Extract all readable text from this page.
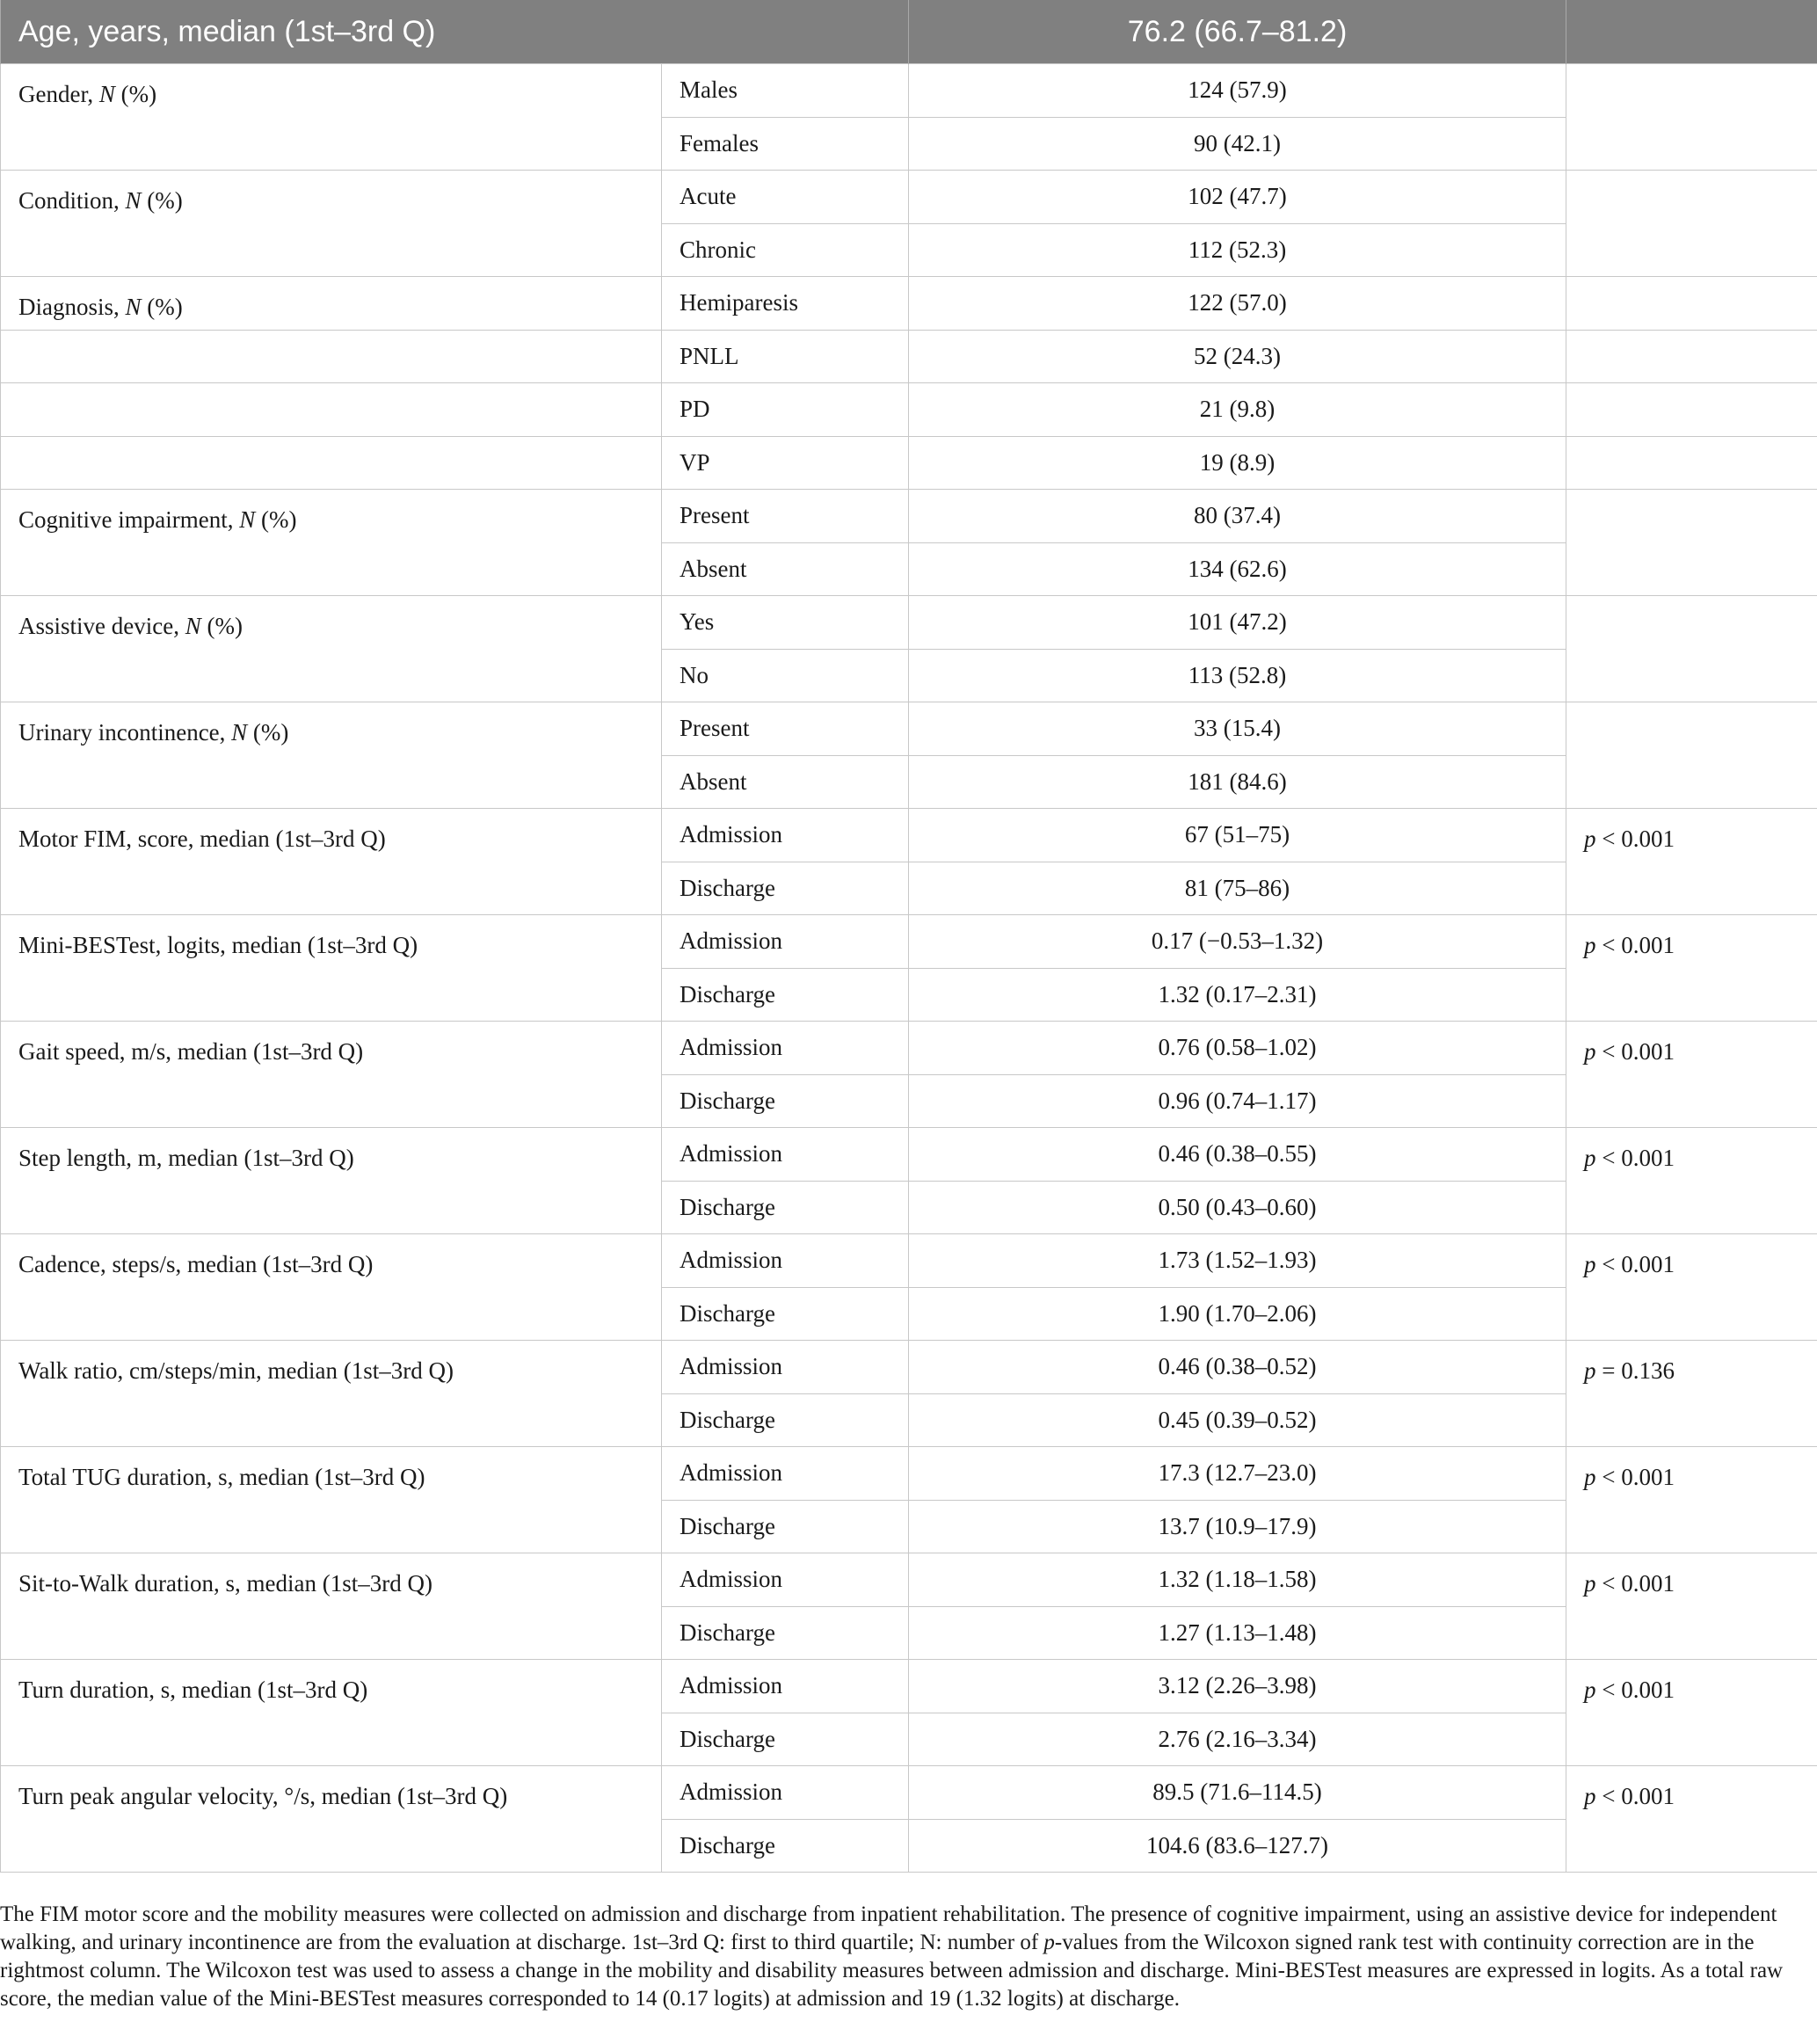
Age, years, median (1st–3rd Q)		76.2 (66.7–81.2)	
Gender, N (%)	Males	124 (57.9)	
	Females	90 (42.1)	
Condition, N (%)	Acute	102 (47.7)	
	Chronic	112 (52.3)	
Diagnosis, N (%)	Hemiparesis	122 (57.0)	
	PNLL	52 (24.3)	
	PD	21 (9.8)	
	VP	19 (8.9)	
Cognitive impairment, N (%)	Present	80 (37.4)	
	Absent	134 (62.6)	
Assistive device, N (%)	Yes	101 (47.2)	
	No	113 (52.8)	
Urinary incontinence, N (%)	Present	33 (15.4)	
	Absent	181 (84.6)	
Motor FIM, score, median (1st–3rd Q)	Admission	67 (51–75)	p < 0.001
	Discharge	81 (75–86)	
Mini-BESTest, logits, median (1st–3rd Q)	Admission	0.17 (−0.53–1.32)	p < 0.001
	Discharge	1.32 (0.17–2.31)	
Gait speed, m/s, median (1st–3rd Q)	Admission	0.76 (0.58–1.02)	p < 0.001
	Discharge	0.96 (0.74–1.17)	
Step length, m, median (1st–3rd Q)	Admission	0.46 (0.38–0.55)	p < 0.001
	Discharge	0.50 (0.43–0.60)	
Cadence, steps/s, median (1st–3rd Q)	Admission	1.73 (1.52–1.93)	p < 0.001
	Discharge	1.90 (1.70–2.06)	
Walk ratio, cm/steps/min, median (1st–3rd Q)	Admission	0.46 (0.38–0.52)	p = 0.136
	Discharge	0.45 (0.39–0.52)	
Total TUG duration, s, median (1st–3rd Q)	Admission	17.3 (12.7–23.0)	p < 0.001
	Discharge	13.7 (10.9–17.9)	
Sit-to-Walk duration, s, median (1st–3rd Q)	Admission	1.32 (1.18–1.58)	p < 0.001
	Discharge	1.27 (1.13–1.48)	
Turn duration, s, median (1st–3rd Q)	Admission	3.12 (2.26–3.98)	p < 0.001
	Discharge	2.76 (2.16–3.34)	
Turn peak angular velocity, °/s, median (1st–3rd Q)	Admission	89.5 (71.6–114.5)	p < 0.001
	Discharge	104.6 (83.6–127.7)	

The FIM motor score and the mobility measures were collected on admission and discharge from inpatient rehabilitation. The presence of cognitive impairment, using an assistive device for independent walking, and urinary incontinence are from the evaluation at discharge. 1st–3rd Q: first to third quartile; N: number of p-values from the Wilcoxon signed rank test with continuity correction are in the rightmost column. The Wilcoxon test was used to assess a change in the mobility and disability measures between admission and discharge. Mini-BESTest measures are expressed in logits. As a total raw score, the median value of the Mini-BESTest measures corresponded to 14 (0.17 logits) at admission and 19 (1.32 logits) at discharge.
